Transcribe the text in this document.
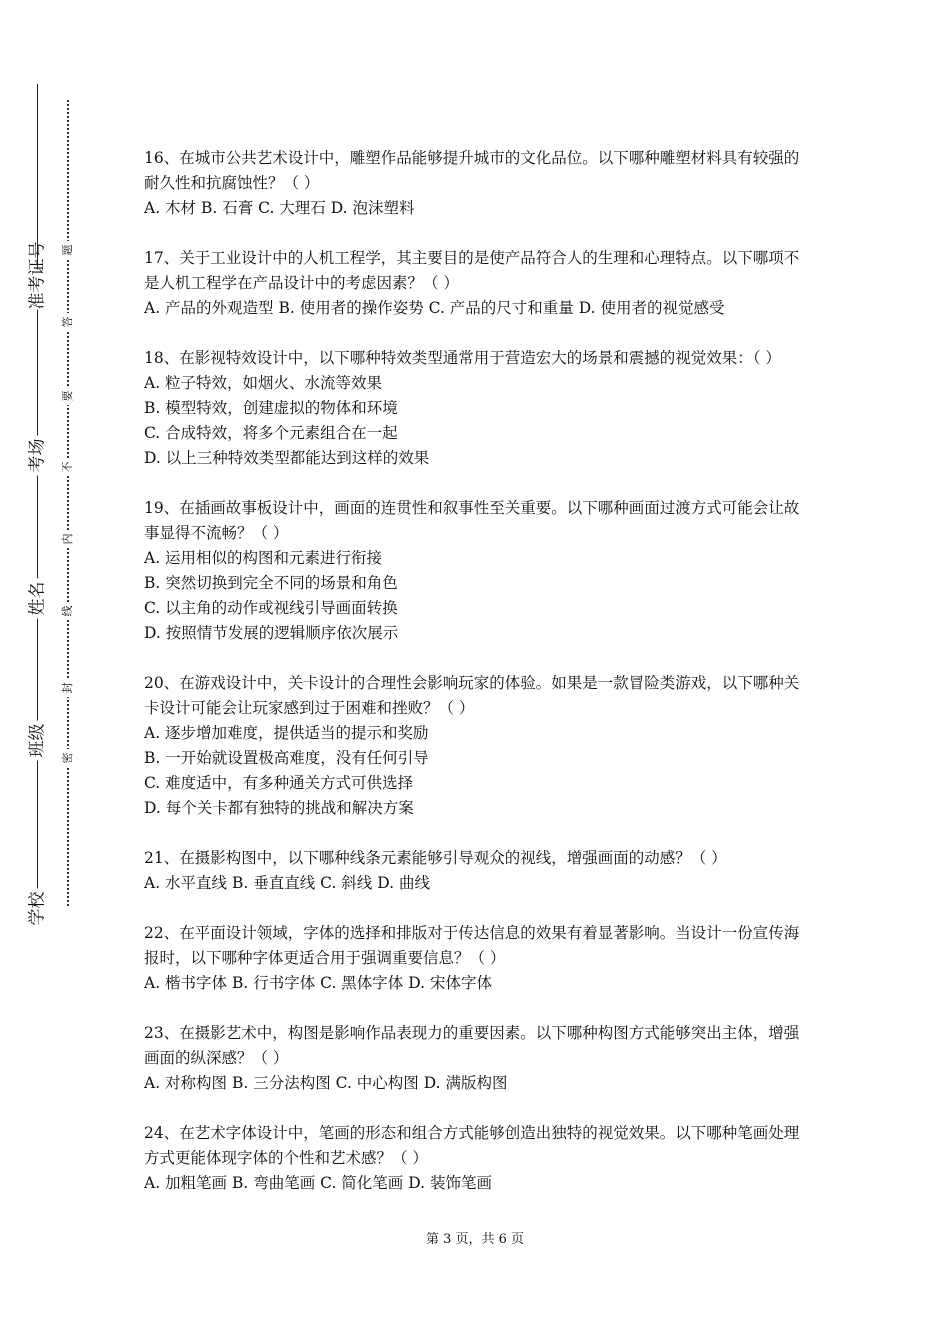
学校
班级
姓名
考场
准考证号
密
封
线
内
不
要
答
题

16、在城市公共艺术设计中，雕塑作品能够提升城市的文化品位。以下哪种雕塑材料具有较强的耐久性和抗腐蚀性？（ ）

A. 木材 B. 石膏 C. 大理石 D. 泡沫塑料

17、关于工业设计中的人机工程学，其主要目的是使产品符合人的生理和心理特点。以下哪项不是人机工程学在产品设计中的考虑因素？（ ）

A. 产品的外观造型 B. 使用者的操作姿势 C. 产品的尺寸和重量 D. 使用者的视觉感受

18、在影视特效设计中，以下哪种特效类型通常用于营造宏大的场景和震撼的视觉效果：（ ）

A. 粒子特效，如烟火、水流等效果

B. 模型特效，创建虚拟的物体和环境

C. 合成特效，将多个元素组合在一起

D. 以上三种特效类型都能达到这样的效果

19、在插画故事板设计中，画面的连贯性和叙事性至关重要。以下哪种画面过渡方式可能会让故事显得不流畅？（ ）

A. 运用相似的构图和元素进行衔接

B. 突然切换到完全不同的场景和角色

C. 以主角的动作或视线引导画面转换

D. 按照情节发展的逻辑顺序依次展示

20、在游戏设计中，关卡设计的合理性会影响玩家的体验。如果是一款冒险类游戏，以下哪种关卡设计可能会让玩家感到过于困难和挫败？（ ）

A. 逐步增加难度，提供适当的提示和奖励

B. 一开始就设置极高难度，没有任何引导

C. 难度适中，有多种通关方式可供选择

D. 每个关卡都有独特的挑战和解决方案

21、在摄影构图中，以下哪种线条元素能够引导观众的视线，增强画面的动感？（ ）

A. 水平直线 B. 垂直直线 C. 斜线 D. 曲线

22、在平面设计领域，字体的选择和排版对于传达信息的效果有着显著影响。当设计一份宣传海报时，以下哪种字体更适合用于强调重要信息？（ ）

A. 楷书字体 B. 行书字体 C. 黑体字体 D. 宋体字体

23、在摄影艺术中，构图是影响作品表现力的重要因素。以下哪种构图方式能够突出主体，增强画面的纵深感？（ ）

A. 对称构图 B. 三分法构图 C. 中心构图 D. 满版构图

24、在艺术字体设计中，笔画的形态和组合方式能够创造出独特的视觉效果。以下哪种笔画处理方式更能体现字体的个性和艺术感？（ ）

A. 加粗笔画 B. 弯曲笔画 C. 简化笔画 D. 装饰笔画

第 3 页，共 6 页
